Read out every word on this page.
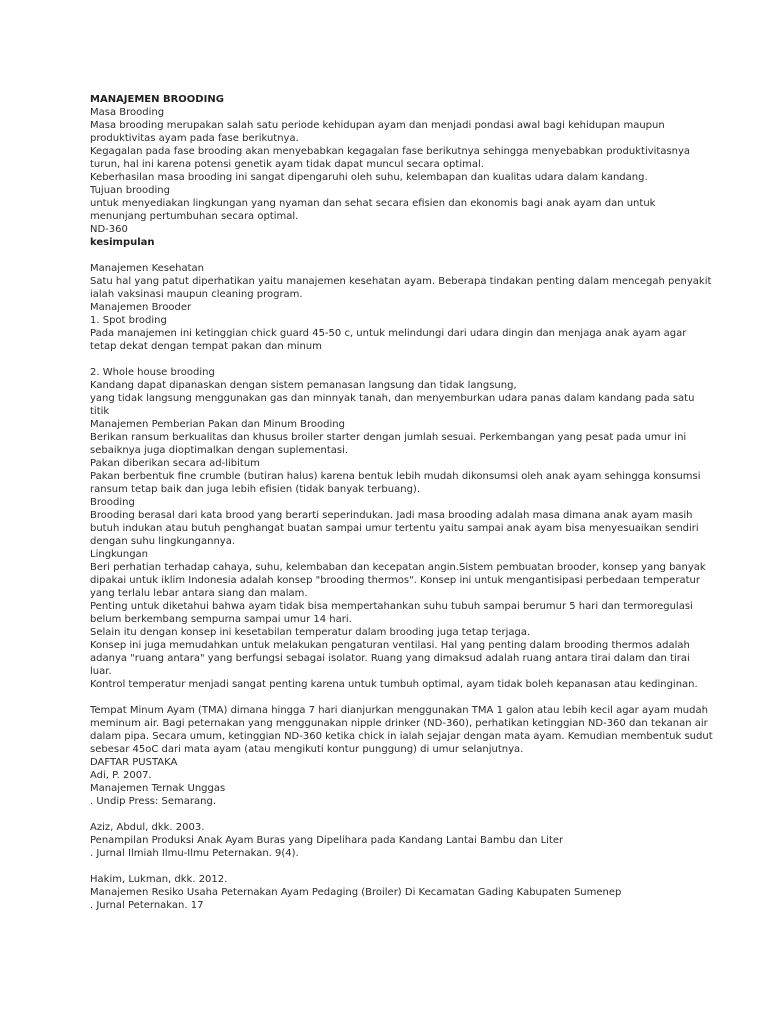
MANAJEMEN BROODING
Masa Brooding
Masa brooding merupakan salah satu periode kehidupan ayam dan menjadi pondasi awal bagi kehidupan maupun
produktivitas ayam pada fase berikutnya.
Kegagalan pada fase brooding akan menyebabkan kegagalan fase berikutnya sehingga menyebabkan produktivitasnya
turun, hal ini karena potensi genetik ayam tidak dapat muncul secara optimal.
Keberhasilan masa brooding ini sangat dipengaruhi oleh suhu, kelembapan dan kualitas udara dalam kandang.
Tujuan brooding
untuk menyediakan lingkungan yang nyaman dan sehat secara efisien dan ekonomis bagi anak ayam dan untuk
menunjang pertumbuhan secara optimal.
ND-360
kesimpulan
Manajemen Kesehatan
Satu hal yang patut diperhatikan yaitu manajemen kesehatan ayam. Beberapa tindakan penting dalam mencegah penyakit
ialah vaksinasi maupun cleaning program.
Manajemen Brooder
1. Spot broding
Pada manajemen ini ketinggian chick guard 45-50 c, untuk melindungi dari udara dingin dan menjaga anak ayam agar
tetap dekat dengan tempat pakan dan minum
2. Whole house brooding
Kandang dapat dipanaskan dengan sistem pemanasan langsung dan tidak langsung,
yang tidak langsung menggunakan gas dan minnyak tanah, dan menyemburkan udara panas dalam kandang pada satu
titik
Manajemen Pemberian Pakan dan Minum Brooding
Berikan ransum berkualitas dan khusus broiler starter dengan jumlah sesuai. Perkembangan yang pesat pada umur ini
sebaiknya juga dioptimalkan dengan suplementasi.
Pakan diberikan secara ad-libitum
Pakan berbentuk fine crumble (butiran halus) karena bentuk lebih mudah dikonsumsi oleh anak ayam sehingga konsumsi
ransum tetap baik dan juga lebih efisien (tidak banyak terbuang).
Brooding
Brooding berasal dari kata brood yang berarti seperindukan. Jadi masa brooding adalah masa dimana anak ayam masih
butuh indukan atau butuh penghangat buatan sampai umur tertentu yaitu sampai anak ayam bisa menyesuaikan sendiri
dengan suhu lingkungannya.
Lingkungan
Beri perhatian terhadap cahaya, suhu, kelembaban dan kecepatan angin.Sistem pembuatan brooder, konsep yang banyak
dipakai untuk iklim Indonesia adalah konsep "brooding thermos". Konsep ini untuk mengantisipasi perbedaan temperatur
yang terlalu lebar antara siang dan malam.
Penting untuk diketahui bahwa ayam tidak bisa mempertahankan suhu tubuh sampai berumur 5 hari dan termoregulasi
belum berkembang sempurna sampai umur 14 hari.
Selain itu dengan konsep ini kesetabilan temperatur dalam brooding juga tetap terjaga.
Konsep ini juga memudahkan untuk melakukan pengaturan ventilasi. Hal yang penting dalam brooding thermos adalah
adanya "ruang antara" yang berfungsi sebagai isolator. Ruang yang dimaksud adalah ruang antara tirai dalam dan tirai
luar.
Kontrol temperatur menjadi sangat penting karena untuk tumbuh optimal, ayam tidak boleh kepanasan atau kedinginan.
Tempat Minum Ayam (TMA) dimana hingga 7 hari dianjurkan menggunakan TMA 1 galon atau lebih kecil agar ayam mudah
meminum air. Bagi peternakan yang menggunakan nipple drinker (ND-360), perhatikan ketinggian ND-360 dan tekanan air
dalam pipa. Secara umum, ketinggian ND-360 ketika chick in ialah sejajar dengan mata ayam. Kemudian membentuk sudut
sebesar 45oC dari mata ayam (atau mengikuti kontur punggung) di umur selanjutnya.
DAFTAR PUSTAKA
Adi, P. 2007.
Manajemen Ternak Unggas
. Undip Press: Semarang.
Aziz, Abdul, dkk. 2003.
Penampilan Produksi Anak Ayam Buras yang Dipelihara pada Kandang Lantai Bambu dan Liter
. Jurnal Ilmiah Ilmu-Ilmu Peternakan. 9(4).
Hakim, Lukman, dkk. 2012.
Manajemen Resiko Usaha Peternakan Ayam Pedaging (Broiler) Di Kecamatan Gading Kabupaten Sumenep
. Jurnal Peternakan. 17
